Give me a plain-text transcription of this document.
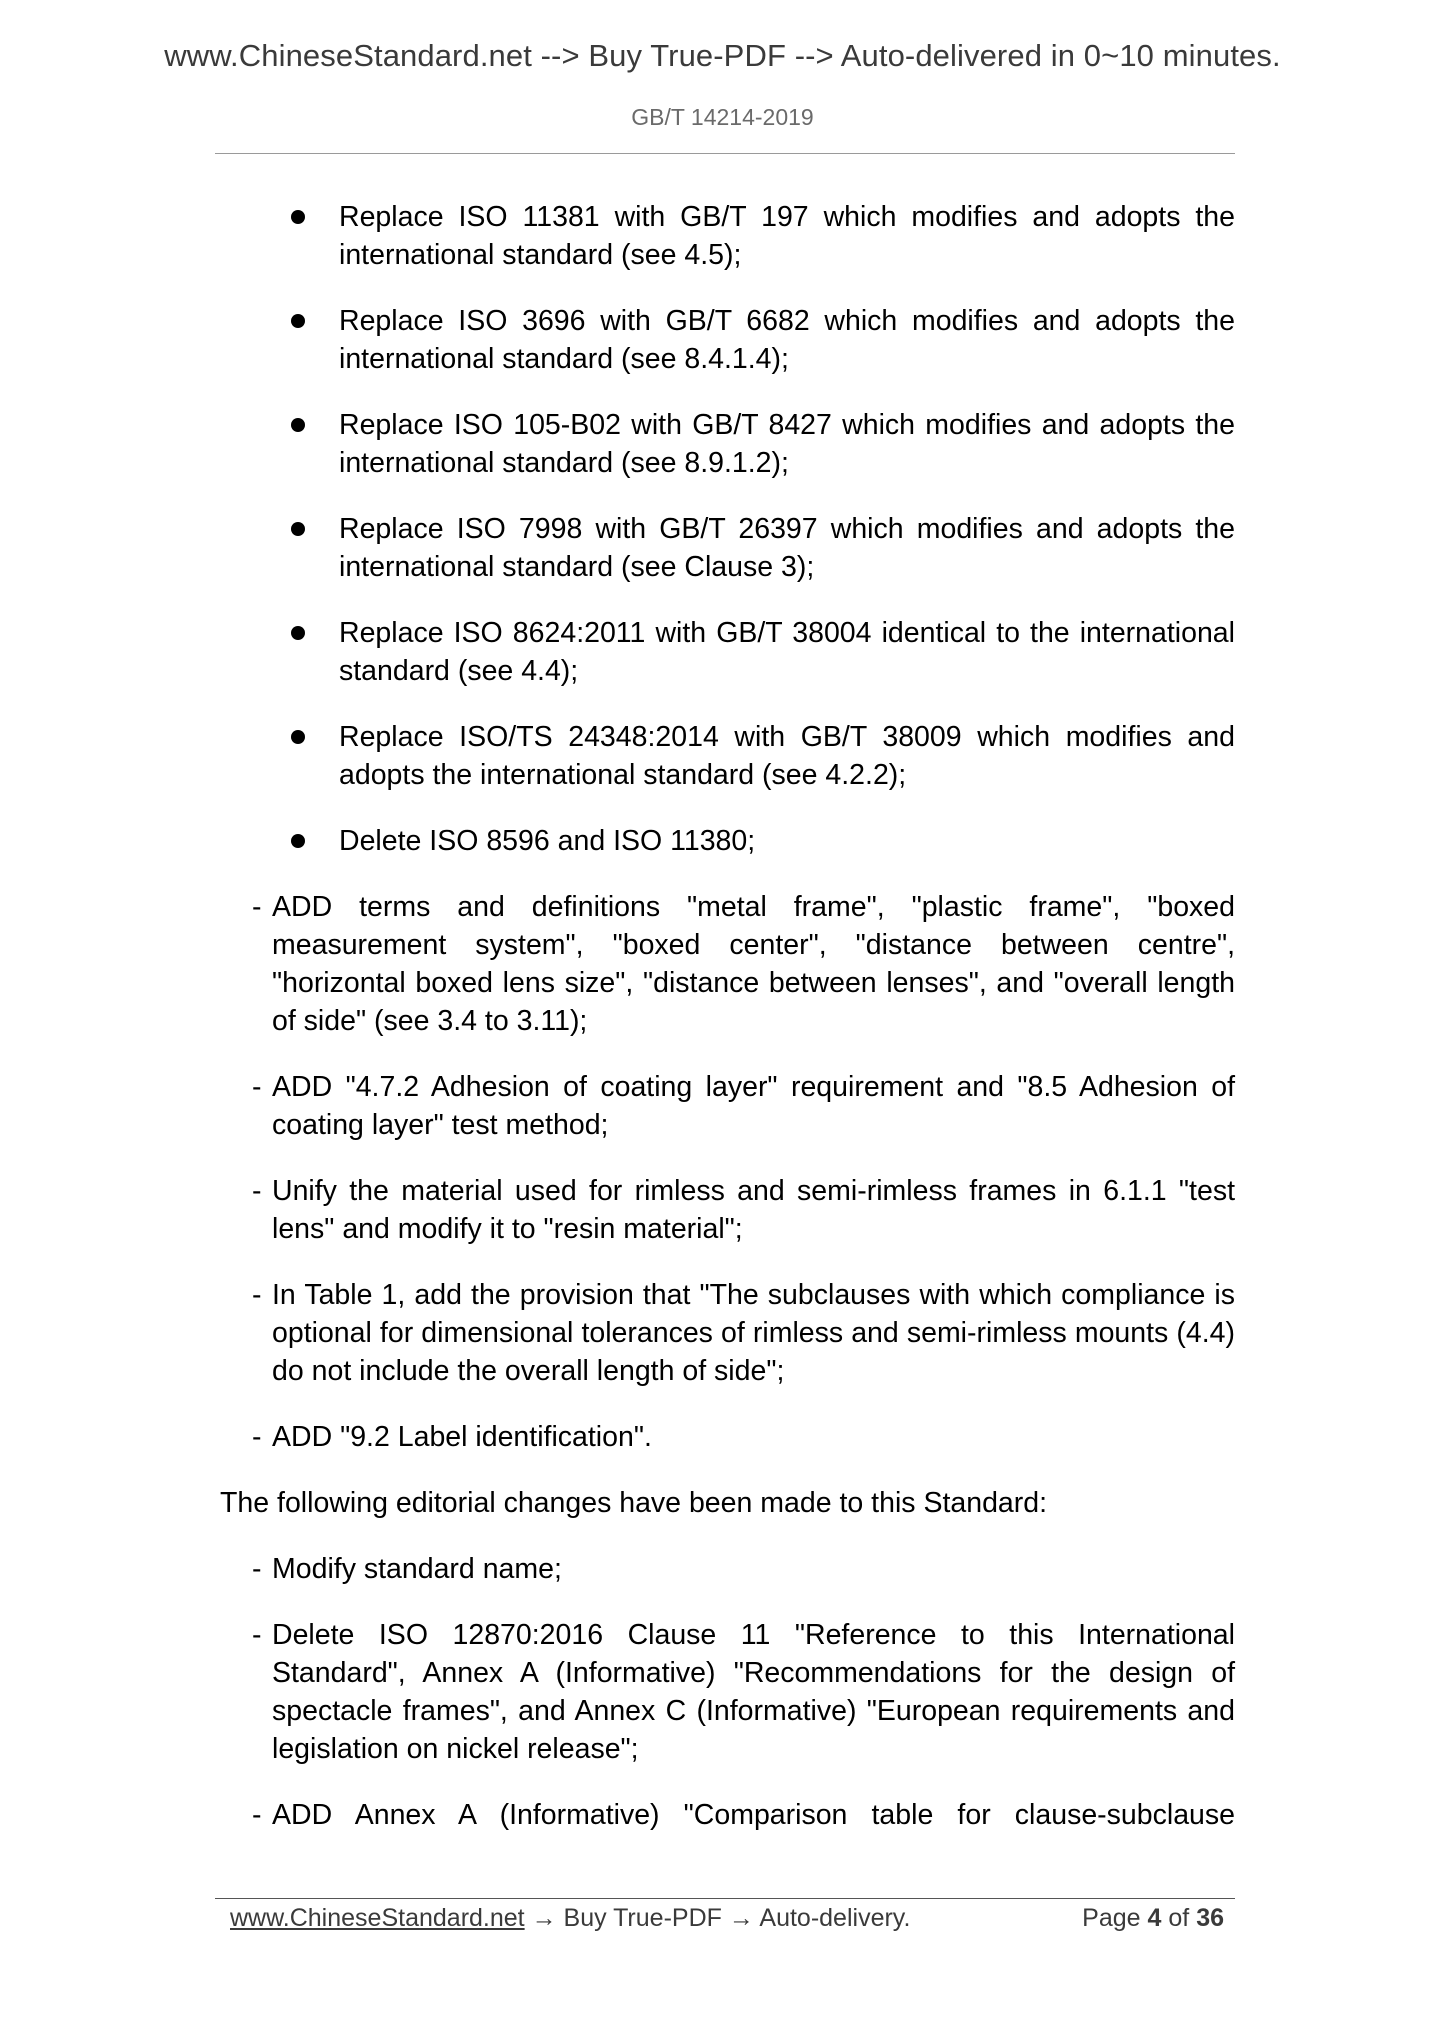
www.ChineseStandard.net --> Buy True-PDF --> Auto-delivered in 0~10 minutes.
GB/T 14214-2019
Replace ISO 11381 with GB/T 197 which modifies and adopts the international standard (see 4.5);
Replace ISO 3696 with GB/T 6682 which modifies and adopts the international standard (see 8.4.1.4);
Replace ISO 105-B02 with GB/T 8427 which modifies and adopts the international standard (see 8.9.1.2);
Replace ISO 7998 with GB/T 26397 which modifies and adopts the international standard (see Clause 3);
Replace ISO 8624:2011 with GB/T 38004 identical to the international standard (see 4.4);
Replace ISO/TS 24348:2014 with GB/T 38009 which modifies and adopts the international standard (see 4.2.2);
Delete ISO 8596 and ISO 11380;
- ADD terms and definitions "metal frame", "plastic frame", "boxed measurement system", "boxed center", "distance between centre", "horizontal boxed lens size", "distance between lenses", and "overall length of side" (see 3.4 to 3.11);
- ADD "4.7.2 Adhesion of coating layer" requirement and "8.5 Adhesion of coating layer" test method;
- Unify the material used for rimless and semi-rimless frames in 6.1.1 "test lens" and modify it to "resin material";
- In Table 1, add the provision that "The subclauses with which compliance is optional for dimensional tolerances of rimless and semi-rimless mounts (4.4) do not include the overall length of side";
- ADD "9.2 Label identification".
The following editorial changes have been made to this Standard:
- Modify standard name;
- Delete ISO 12870:2016 Clause 11 "Reference to this International Standard", Annex A (Informative) "Recommendations for the design of spectacle frames", and Annex C (Informative) "European requirements and legislation on nickel release";
- ADD Annex A (Informative) "Comparison table for clause-subclause
www.ChineseStandard.net → Buy True-PDF → Auto-delivery.	Page 4 of 36
